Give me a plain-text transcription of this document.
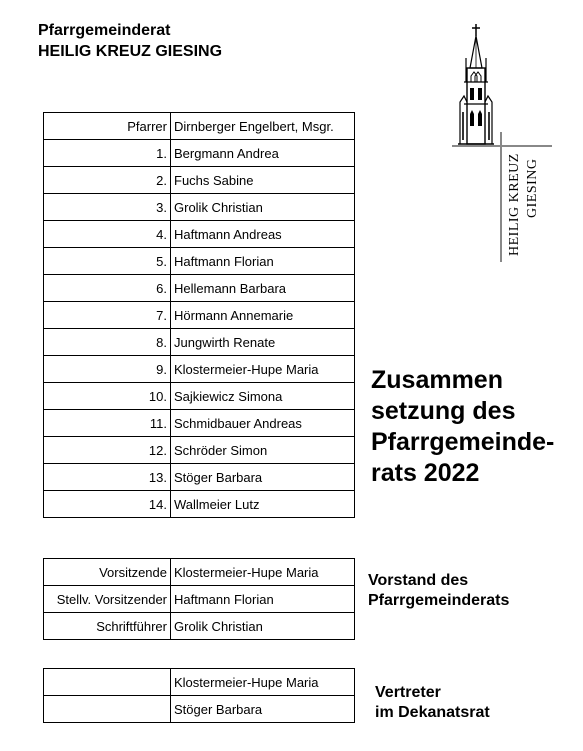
Pfarrgemeinderat
HEILIG KREUZ GIESING
HEILIG KREUZ GIESING
Pfarrer	Dirnberger Engelbert, Msgr.
1.	Bergmann Andrea
2.	Fuchs Sabine
3.	Grolik Christian
4.	Haftmann Andreas
5.	Haftmann Florian
6.	Hellemann Barbara
7.	Hörmann Annemarie
8.	Jungwirth Renate
9.	Klostermeier-Hupe Maria
10.	Sajkiewicz Simona
11.	Schmidbauer Andreas
12.	Schröder Simon
13.	Stöger Barbara
14.	Wallmeier Lutz
Zusammen
setzung des
Pfarrgemeinde-
rats 2022
Vorsitzende	Klostermeier-Hupe Maria
Stellv. Vorsitzender	Haftmann Florian
Schriftführer	Grolik Christian
Vorstand des
Pfarrgemeinderats
	Klostermeier-Hupe Maria
	Stöger Barbara
Vertreter
im Dekanatsrat
